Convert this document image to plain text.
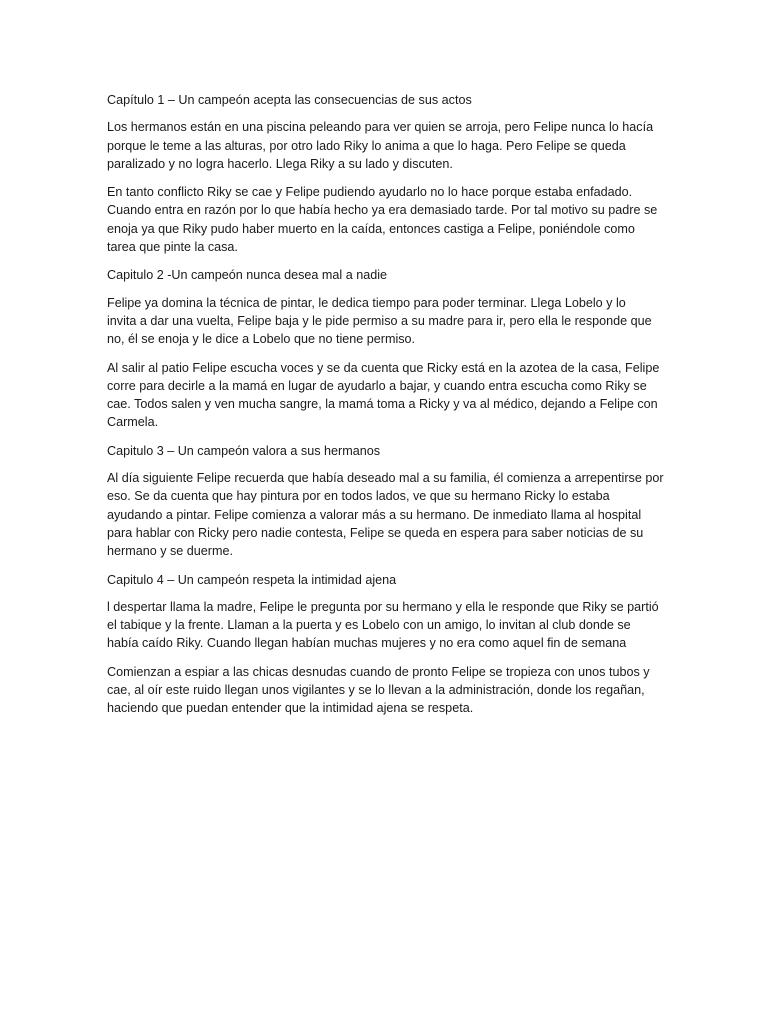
Capítulo 1 – Un campeón acepta las consecuencias de sus actos
Los hermanos están en una piscina peleando para ver quien se arroja, pero Felipe nunca lo hacía
porque le teme a las alturas, por otro lado Riky lo anima a que lo haga. Pero Felipe se queda
paralizado y no logra hacerlo. Llega Riky a su lado y discuten.
En tanto conflicto Riky se cae y Felipe pudiendo ayudarlo no lo hace porque estaba enfadado.
Cuando entra en razón por lo que había hecho ya era demasiado tarde. Por tal motivo su padre se
enoja ya que Riky pudo haber muerto en la caída, entonces castiga a Felipe, poniéndole como
tarea que pinte la casa.
Capitulo 2 -Un campeón nunca desea mal a nadie
Felipe ya domina la técnica de pintar, le dedica tiempo para poder terminar. Llega Lobelo y lo
invita a dar una vuelta, Felipe baja y le pide permiso a su madre para ir, pero ella le responde que
no, él se enoja y le dice a Lobelo que no tiene permiso.
Al salir al patio Felipe escucha voces y se da cuenta que Ricky está en la azotea de la casa, Felipe
corre para decirle a la mamá en lugar de ayudarlo a bajar, y cuando entra escucha como Riky se
cae. Todos salen y ven mucha sangre, la mamá toma a Ricky y va al médico, dejando a Felipe con
Carmela.
Capitulo 3 – Un campeón valora a sus hermanos
Al día siguiente Felipe recuerda que había deseado mal a su familia, él comienza a arrepentirse por
eso. Se da cuenta que hay pintura por en todos lados, ve que su hermano Ricky lo estaba
ayudando a pintar. Felipe comienza a valorar más a su hermano. De inmediato llama al hospital
para hablar con Ricky pero nadie contesta, Felipe se queda en espera para saber noticias de su
hermano y se duerme.
Capitulo 4 – Un campeón respeta la intimidad ajena
l despertar llama la madre, Felipe le pregunta por su hermano y ella le responde que Riky se partió
el tabique y la frente. Llaman a la puerta y es Lobelo con un amigo, lo invitan al club donde se
había caído Riky. Cuando llegan habían muchas mujeres y no era como aquel fin de semana
Comienzan a espiar a las chicas desnudas cuando de pronto Felipe se tropieza con unos tubos y
cae, al oír este ruido llegan unos vigilantes y se lo llevan a la administración, donde los regañan,
haciendo que puedan entender que la intimidad ajena se respeta.
